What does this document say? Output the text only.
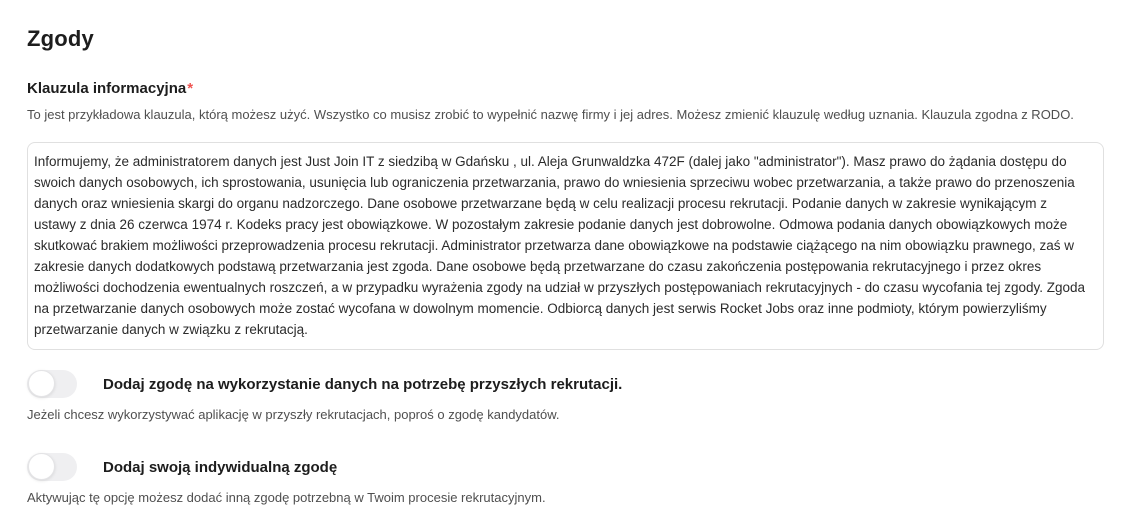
Zgody
Klauzula informacyjna*

To jest przykładowa klauzula, którą możesz użyć. Wszystko co musisz zrobić to wypełnić nazwę firmy i jej adres. Możesz zmienić klauzulę według uznania. Klauzula zgodna z RODO.

Informujemy, że administratorem danych jest Just Join IT z siedzibą w Gdańsku , ul. Aleja Grunwaldzka 472F (dalej jako "administrator"). Masz prawo do żądania dostępu do swoich danych osobowych, ich sprostowania, usunięcia lub ograniczenia przetwarzania, prawo do wniesienia sprzeciwu wobec przetwarzania, a także prawo do przenoszenia danych oraz wniesienia skargi do organu nadzorczego. Dane osobowe przetwarzane będą w celu realizacji procesu rekrutacji. Podanie danych w zakresie wynikającym z ustawy z dnia 26 czerwca 1974 r. Kodeks pracy jest obowiązkowe. W pozostałym zakresie podanie danych jest dobrowolne. Odmowa podania danych obowiązkowych może skutkować brakiem możliwości przeprowadzenia procesu rekrutacji. Administrator przetwarza dane obowiązkowe na podstawie ciążącego na nim obowiązku prawnego, zaś w zakresie danych dodatkowych podstawą przetwarzania jest zgoda. Dane osobowe będą przetwarzane do czasu zakończenia postępowania rekrutacyjnego i przez okres możliwości dochodzenia ewentualnych roszczeń, a w przypadku wyrażenia zgody na udział w przyszłych postępowaniach rekrutacyjnych - do czasu wycofania tej zgody. Zgoda na przetwarzanie danych osobowych może zostać wycofana w dowolnym momencie. Odbiorcą danych jest serwis Rocket Jobs oraz inne podmioty, którym powierzyliśmy przetwarzanie danych w związku z rekrutacją.
Dodaj zgodę na wykorzystanie danych na potrzebę przyszłych rekrutacji.

Jeżeli chcesz wykorzystywać aplikację w przyszły rekrutacjach, poproś o zgodę kandydatów.

Dodaj swoją indywidualną zgodę

Aktywując tę opcję możesz dodać inną zgodę potrzebną w Twoim procesie rekrutacyjnym.
